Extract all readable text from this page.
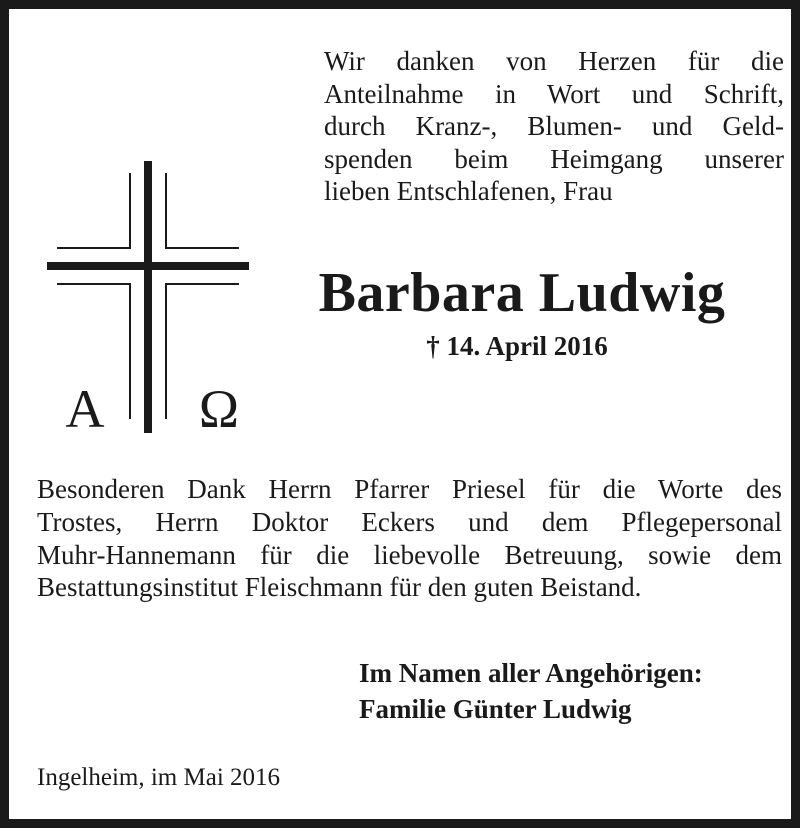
Wir danken von Herzen für die
Anteilnahme in Wort und Schrift,
durch Kranz-, Blumen- und Geld-
spenden beim Heimgang unserer
lieben Entschlafenen, Frau
A Ω
Barbara Ludwig
† 14. April 2016
Besonderen Dank Herrn Pfarrer Priesel für die Worte des
Trostes, Herrn Doktor Eckers und dem Pflegepersonal
Muhr-Hannemann für die liebevolle Betreuung, sowie dem
Bestattungsinstitut Fleischmann für den guten Beistand.
Im Namen aller Angehörigen:
Familie Günter Ludwig
Ingelheim, im Mai 2016
